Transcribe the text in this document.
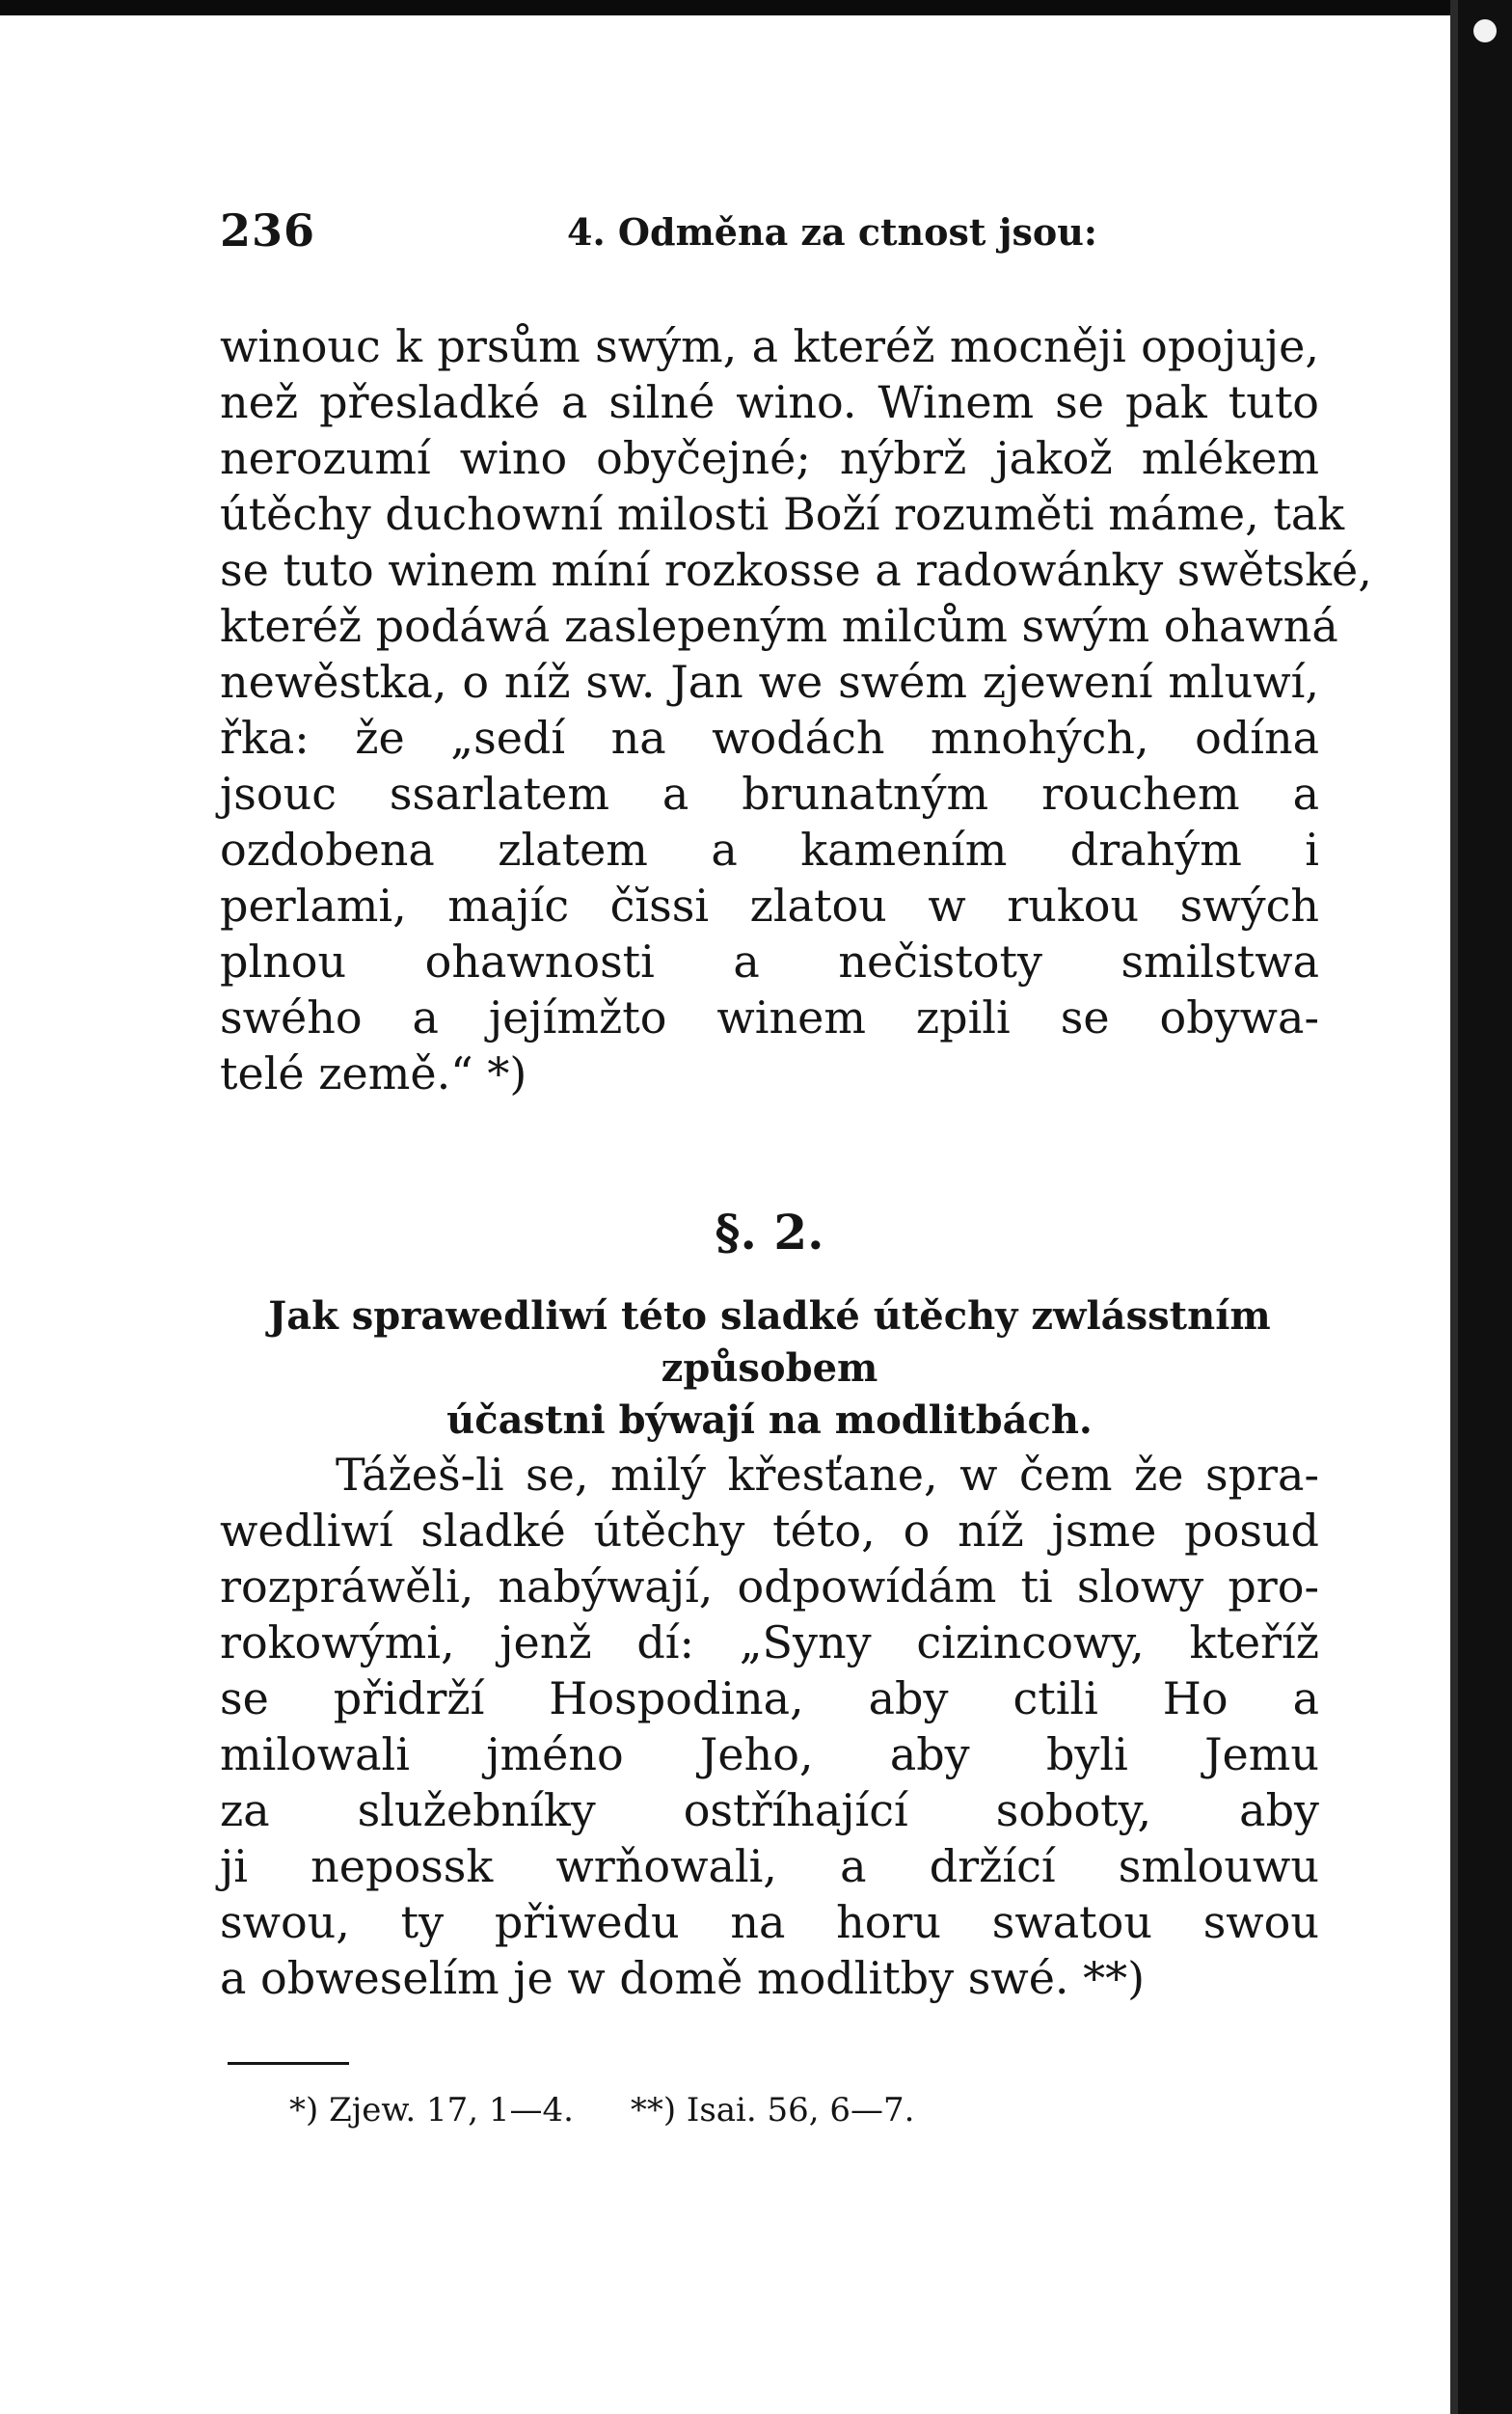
236	4. Odměna za ctnost jsou:

winouc k prsům swým, a kteréž mocněji opojuje,
než přesladké a silné wino. Winem se pak tuto
nerozumí wino obyčejné; nýbrž jakož mlékem
útěchy duchowní milosti Boží rozuměti máme, tak
se tuto winem míní rozkosse a radowánky swětské,
kteréž podáwá zaslepeným milcům swým ohawná
newěstka, o níž sw. Jan we swém zjewení mluwí,
řka: že „sedí na wodách mnohých, odína
jsouc ssarlatem a brunatným rouchem a
ozdobena zlatem a kamením drahým i
perlami, majíc čĭssi zlatou w rukou swých
plnou ohawnosti a nečistoty smilstwa
swého a jejímžto winem zpili se obywa-
telé země.“ *)

§. 2.

Jak sprawedliwí této sladké útěchy zwlásstním způsobem
účastni býwají na modlitbách.

Tážeš-li se, milý křesťane, w čem že spra-
wedliwí sladké útěchy této, o níž jsme posud
rozpráwěli, nabýwají, odpowídám ti slowy pro-
rokowými, jenž dí: „Syny cizincowy, kteříž
se přidrží Hospodina, aby ctili Ho a
milowali jméno Jeho, aby byli Jemu
za služebníky ostříhající soboty, aby
ji nepossk wrňowali, a držící smlouwu
swou, ty přiwedu na horu swatou swou
a obweselím je w domě modlitby swé. **)

*) Zjew. 17, 1—4. **) Isai. 56, 6—7.
